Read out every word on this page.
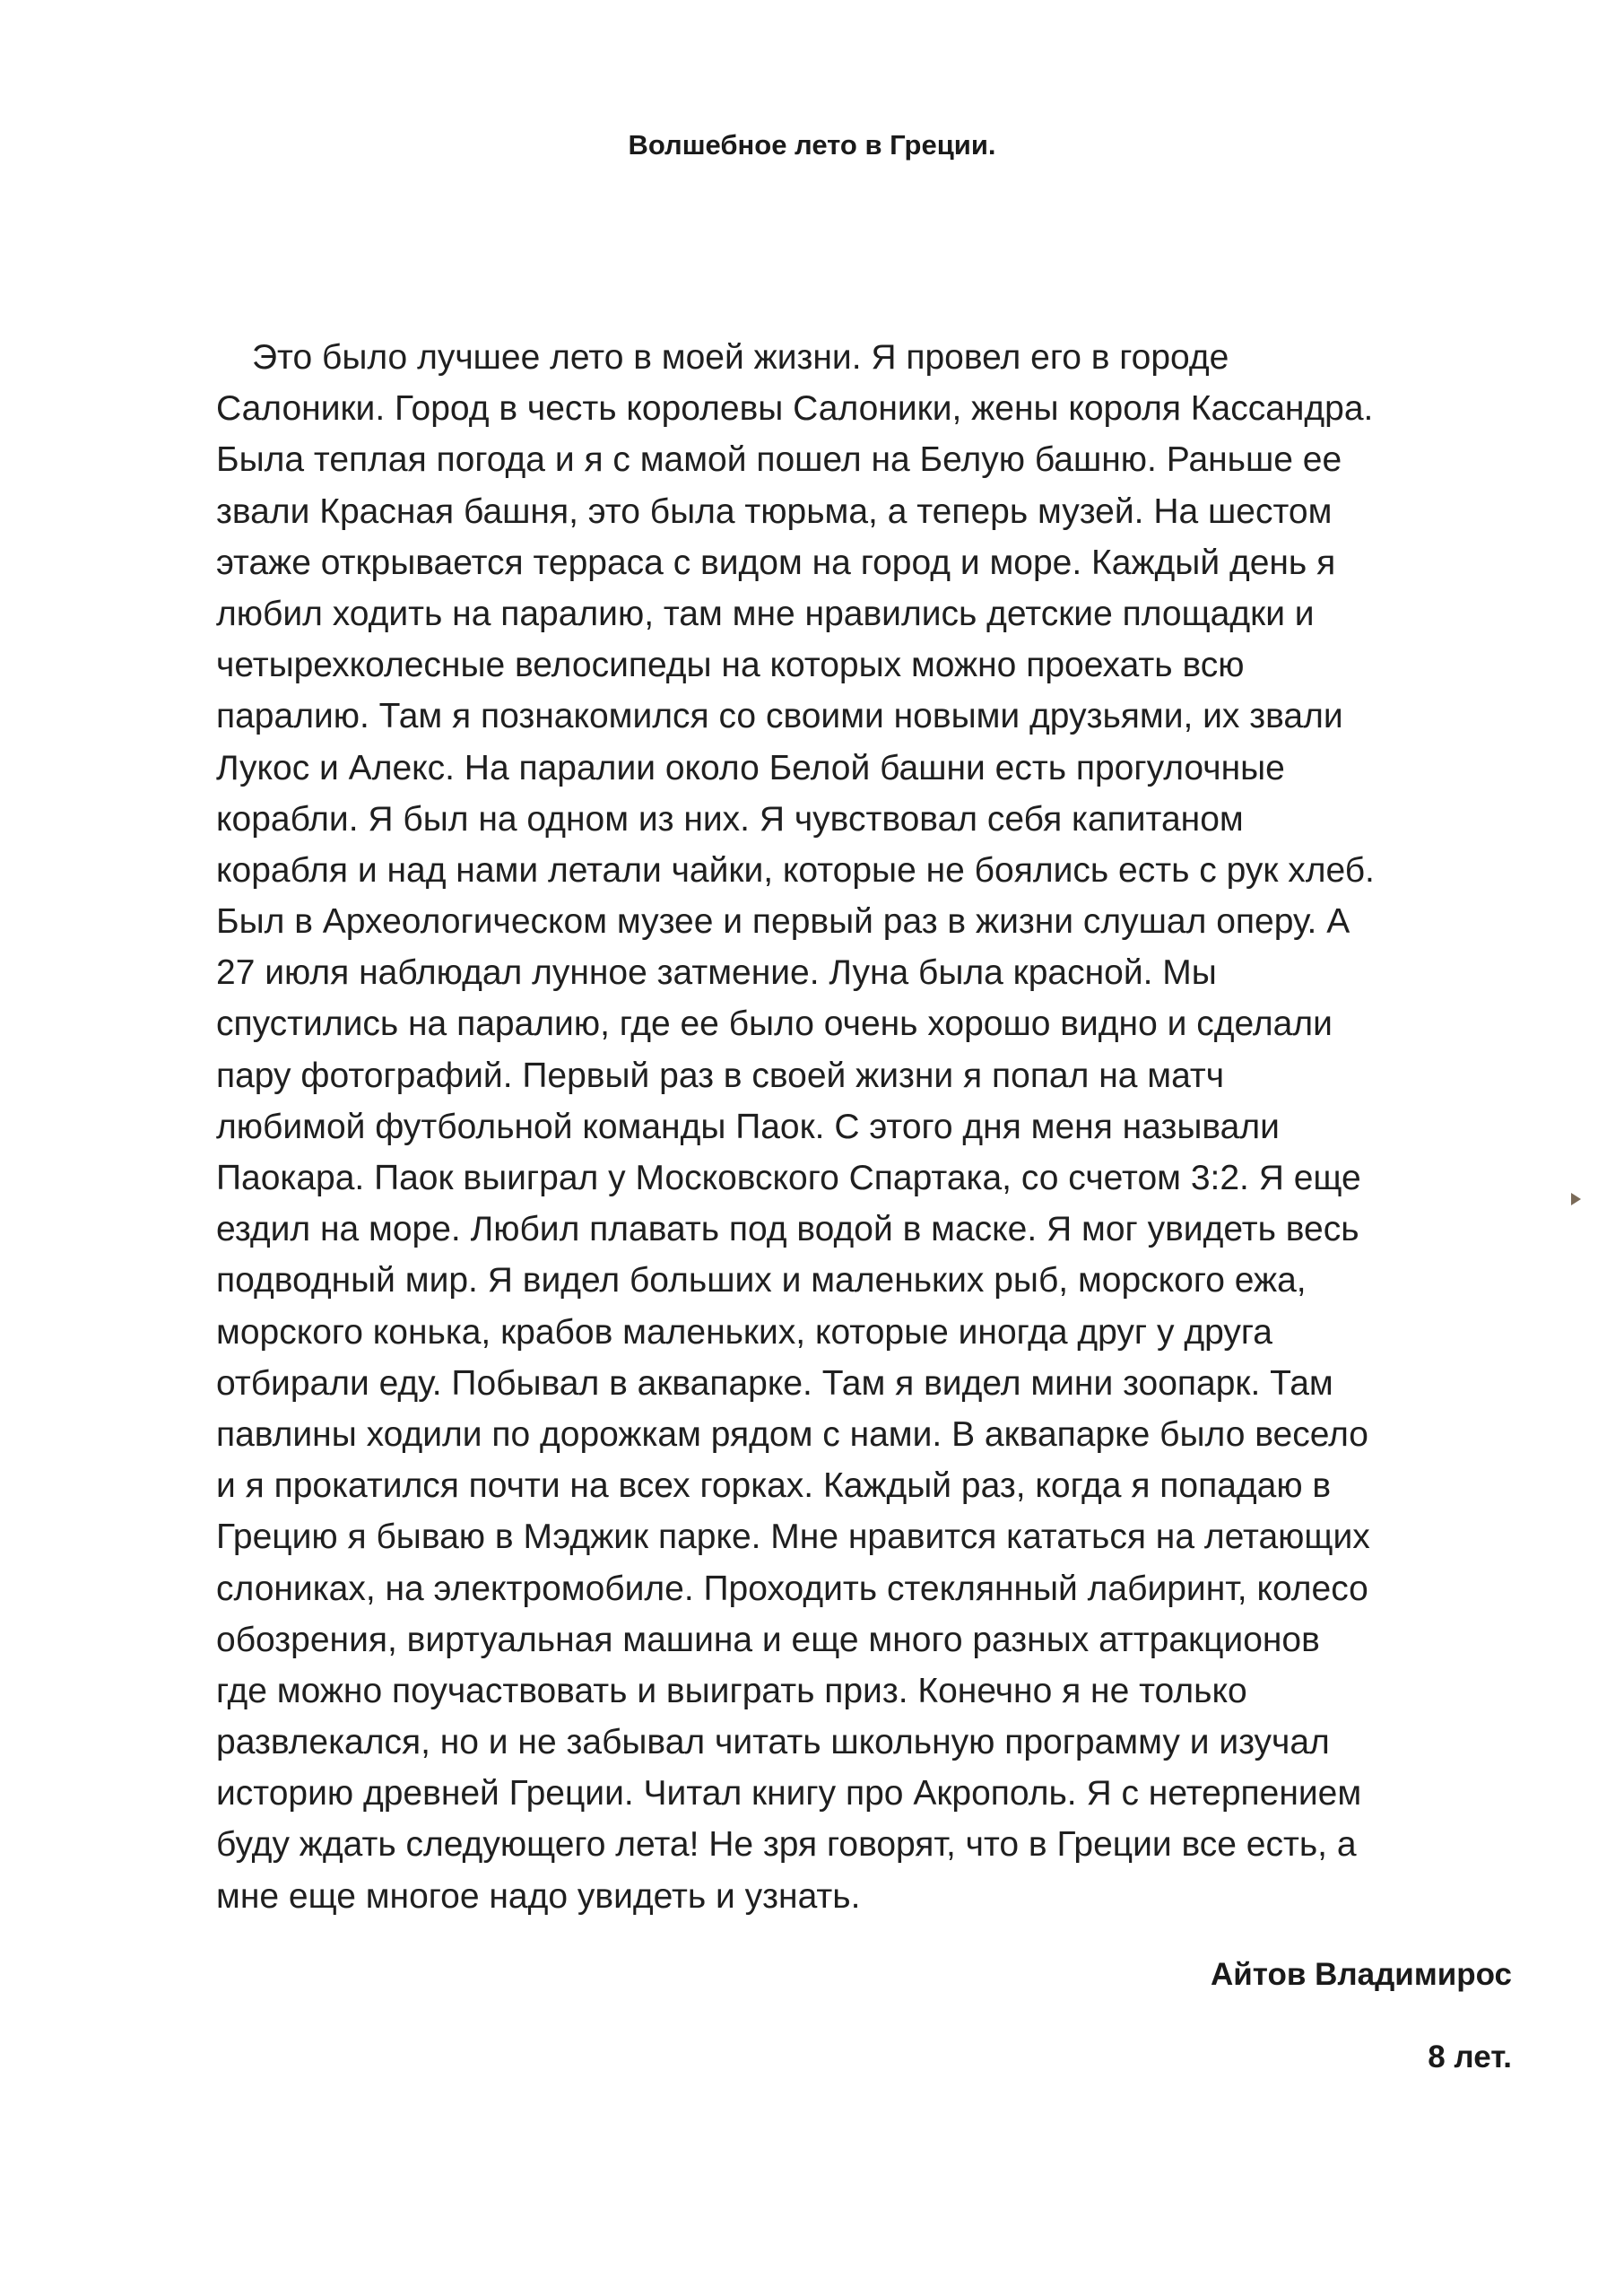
Волшебное лето в Греции.
Это было лучшее лето в моей жизни. Я провел его в городе
Салоники. Город в честь королевы Салоники, жены короля Кассандра.
Была теплая погода и я с мамой пошел на Белую башню. Раньше ее
звали Красная башня, это была тюрьма, а теперь музей. На шестом
этаже открывается терраса с видом на город и море. Каждый день я
любил ходить на паралию, там мне нравились детские площадки и
четырехколесные велосипеды на которых можно проехать всю
паралию. Там я познакомился со своими новыми друзьями, их звали
Лукос и Алекс. На паралии около Белой башни есть прогулочные
корабли. Я был на одном из них. Я чувствовал себя капитаном
корабля и над нами летали чайки, которые не боялись есть с рук хлеб.
Был в Археологическом музее и первый раз в жизни слушал оперу. А
27 июля наблюдал лунное затмение. Луна была красной. Мы
спустились на паралию, где ее было очень хорошо видно и сделали
пару фотографий. Первый раз в своей жизни я попал на матч
любимой футбольной команды Паок. С этого дня меня называли
Паокара. Паок выиграл у Московского Спартака, со счетом 3:2. Я еще
ездил на море. Любил плавать под водой в маске. Я мог увидеть весь
подводный мир. Я видел больших и маленьких рыб, морского ежа,
морского конька, крабов маленьких, которые иногда друг у друга
отбирали еду. Побывал в аквапарке. Там я видел мини зоопарк. Там
павлины ходили по дорожкам рядом с нами. В аквапарке было весело
и я прокатился почти на всех горках. Каждый раз, когда я попадаю в
Грецию я бываю в Мэджик парке. Мне нравится кататься на летающих
слониках, на электромобиле. Проходить стеклянный лабиринт, колесо
обозрения, виртуальная машина и еще много разных аттракционов
где можно поучаствовать и выиграть приз. Конечно я не только
развлекался, но и не забывал читать школьную программу и изучал
историю древней Греции. Читал книгу про Акрополь. Я с нетерпением
буду ждать следующего лета! Не зря говорят, что в Греции все есть, а
мне еще многое надо увидеть и узнать.
Айтов Владимирос
8 лет.
